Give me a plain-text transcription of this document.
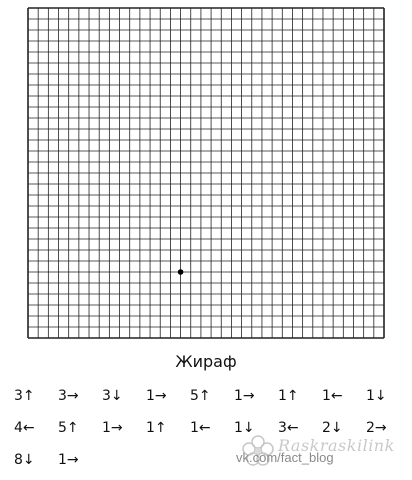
Жираф
3↑ 3→ 3↓ 1→ 5↑ 1→ 1↑ 1← 1↓
4← 5↑ 1→ 1↑ 1← 1↓ 3← 2↓ 2→
8↓ 1→
Raskraskilink
vk.com/fact_blog
